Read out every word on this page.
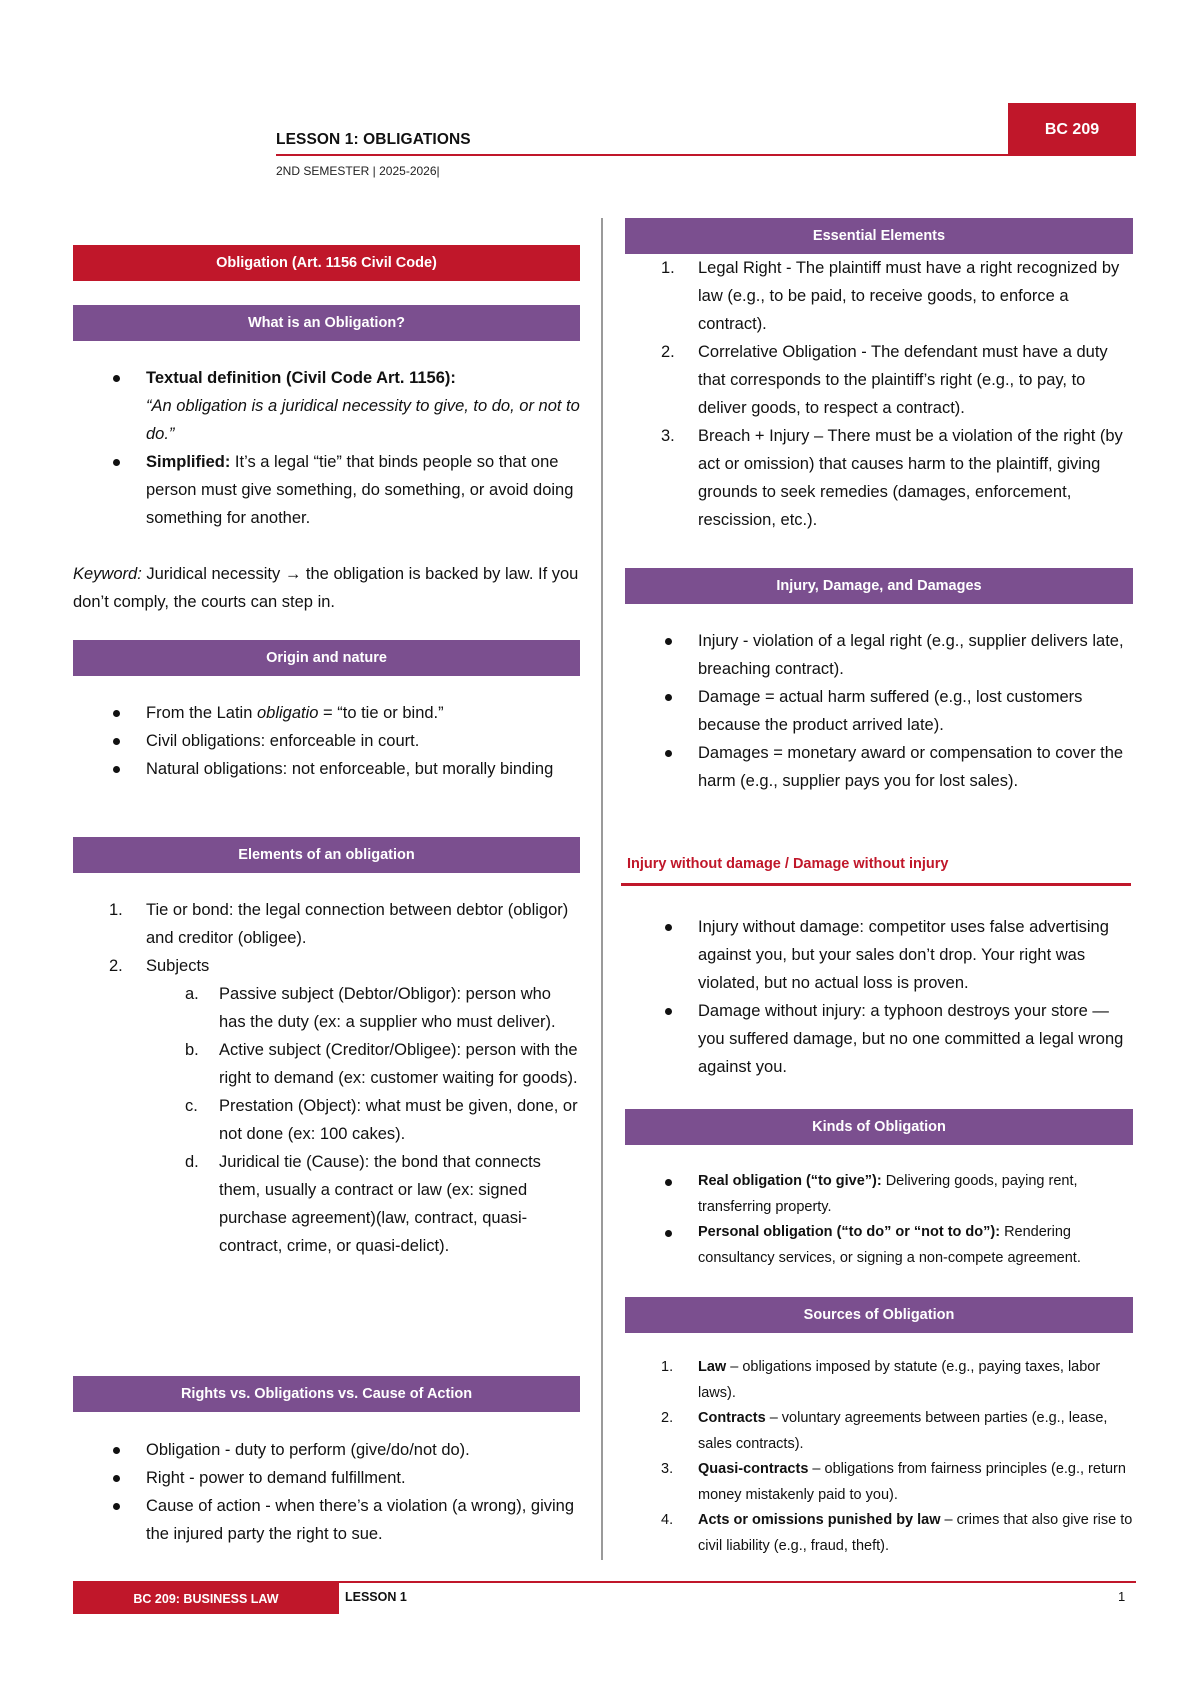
LESSON 1: OBLIGATIONS
2ND SEMESTER | 2025-2026|
BC 209
Obligation (Art. 1156 Civil Code)
What is an Obligation?
Textual definition (Civil Code Art. 1156):
“An obligation is a juridical necessity to give, to do, or not to do.”
Simplified: It’s a legal “tie” that binds people so that one person must give something, do something, or avoid doing something for another.
Keyword: Juridical necessity → the obligation is backed by law. If you don’t comply, the courts can step in.
Origin and nature
From the Latin obligatio = “to tie or bind.”
Civil obligations: enforceable in court.
Natural obligations: not enforceable, but morally binding
Elements of an obligation
1.	Tie or bond: the legal connection between debtor (obligor) and creditor (obligee).
2.	Subjects
a.	Passive subject (Debtor/Obligor): person who has the duty (ex: a supplier who must deliver).
b.	Active subject (Creditor/Obligee): person with the right to demand (ex: customer waiting for goods).
c.	Prestation (Object): what must be given, done, or not done (ex: 100 cakes).
d.	Juridical tie (Cause): the bond that connects them, usually a contract or law (ex: signed purchase agreement)(law, contract, quasi-contract, crime, or quasi-delict).
Rights vs. Obligations vs. Cause of Action
Obligation - duty to perform (give/do/not do).
Right - power to demand fulfillment.
Cause of action - when there’s a violation (a wrong), giving the injured party the right to sue.
Essential Elements
1.	Legal Right - The plaintiff must have a right recognized by law (e.g., to be paid, to receive goods, to enforce a contract).
2.	Correlative Obligation - The defendant must have a duty that corresponds to the plaintiff’s right (e.g., to pay, to deliver goods, to respect a contract).
3.	Breach + Injury – There must be a violation of the right (by act or omission) that causes harm to the plaintiff, giving grounds to seek remedies (damages, enforcement, rescission, etc.).
Injury, Damage, and Damages
Injury - violation of a legal right (e.g., supplier delivers late, breaching contract).
Damage = actual harm suffered (e.g., lost customers because the product arrived late).
Damages = monetary award or compensation to cover the harm (e.g., supplier pays you for lost sales).
Injury without damage / Damage without injury
Injury without damage: competitor uses false advertising against you, but your sales don’t drop. Your right was violated, but no actual loss is proven.
Damage without injury: a typhoon destroys your store — you suffered damage, but no one committed a legal wrong against you.
Kinds of Obligation
Real obligation (“to give”): Delivering goods, paying rent, transferring property.
Personal obligation (“to do” or “not to do”): Rendering consultancy services, or signing a non-compete agreement.
Sources of Obligation
1.	Law – obligations imposed by statute (e.g., paying taxes, labor laws).
2.	Contracts – voluntary agreements between parties (e.g., lease, sales contracts).
3.	Quasi-contracts – obligations from fairness principles (e.g., return money mistakenly paid to you).
4.	Acts or omissions punished by law – crimes that also give rise to civil liability (e.g., fraud, theft).
BC 209: BUSINESS LAW	LESSON 1	1
